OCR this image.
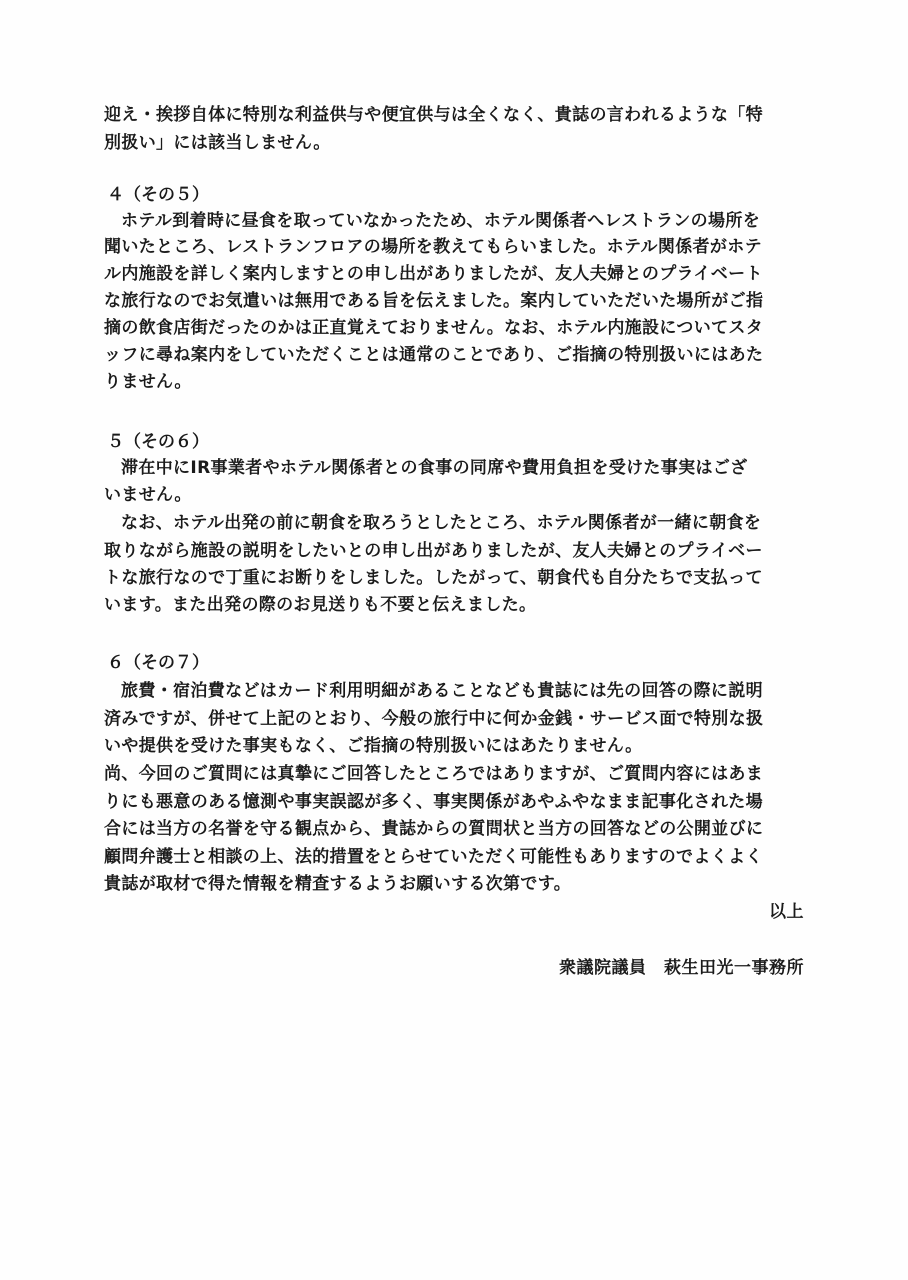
迎え・挨拶自体に特別な利益供与や便宜供与は全くなく、貴誌の言われるような「特
別扱い」には該当しません。
４（その５）
ホテル到着時に昼食を取っていなかったため、ホテル関係者へレストランの場所を
聞いたところ、レストランフロアの場所を教えてもらいました。ホテル関係者がホテ
ル内施設を詳しく案内しますとの申し出がありましたが、友人夫婦とのプライベート
な旅行なのでお気遣いは無用である旨を伝えました。案内していただいた場所がご指
摘の飲食店街だったのかは正直覚えておりません。なお、ホテル内施設についてスタ
ッフに尋ね案内をしていただくことは通常のことであり、ご指摘の特別扱いにはあた
りません。
５（その６）
滞在中にIR事業者やホテル関係者との食事の同席や費用負担を受けた事実はござ
いません。
なお、ホテル出発の前に朝食を取ろうとしたところ、ホテル関係者が一緒に朝食を
取りながら施設の説明をしたいとの申し出がありましたが、友人夫婦とのプライベー
トな旅行なので丁重にお断りをしました。したがって、朝食代も自分たちで支払って
います。また出発の際のお見送りも不要と伝えました。
６（その７）
旅費・宿泊費などはカード利用明細があることなども貴誌には先の回答の際に説明
済みですが、併せて上記のとおり、今般の旅行中に何か金銭・サービス面で特別な扱
いや提供を受けた事実もなく、ご指摘の特別扱いにはあたりません。
尚、今回のご質問には真摯にご回答したところではありますが、ご質問内容にはあま
りにも悪意のある憶測や事実誤認が多く、事実関係があやふやなまま記事化された場
合には当方の名誉を守る観点から、貴誌からの質問状と当方の回答などの公開並びに
顧問弁護士と相談の上、法的措置をとらせていただく可能性もありますのでよくよく
貴誌が取材で得た情報を精査するようお願いする次第です。
以上
衆議院議員　萩生田光一事務所
